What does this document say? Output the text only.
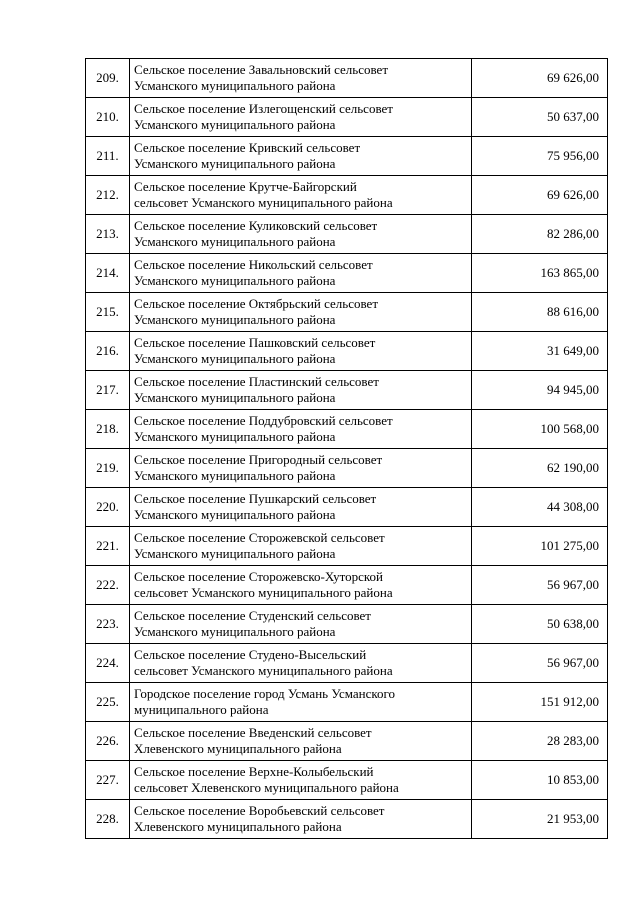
209.	Сельское поселение Завальновский сельсовет
Усманского муниципального района	69 626,00
210.	Сельское поселение Излегощенский сельсовет
Усманского муниципального района	50 637,00
211.	Сельское поселение Кривский сельсовет
Усманского муниципального района	75 956,00
212.	Сельское поселение Крутче-Байгорский
сельсовет Усманского муниципального района	69 626,00
213.	Сельское поселение Куликовский сельсовет
Усманского муниципального района	82 286,00
214.	Сельское поселение Никольский сельсовет
Усманского муниципального района	163 865,00
215.	Сельское поселение Октябрьский сельсовет
Усманского муниципального района	88 616,00
216.	Сельское поселение Пашковский сельсовет
Усманского муниципального района	31 649,00
217.	Сельское поселение Пластинский сельсовет
Усманского муниципального района	94 945,00
218.	Сельское поселение Поддубровский сельсовет
Усманского муниципального района	100 568,00
219.	Сельское поселение Пригородный сельсовет
Усманского муниципального района	62 190,00
220.	Сельское поселение Пушкарский сельсовет
Усманского муниципального района	44 308,00
221.	Сельское поселение Сторожевской сельсовет
Усманского муниципального района	101 275,00
222.	Сельское поселение Сторожевско-Хуторской
сельсовет Усманского муниципального района	56 967,00
223.	Сельское поселение Студенский сельсовет
Усманского муниципального района	50 638,00
224.	Сельское поселение Студено-Высельский
сельсовет Усманского муниципального района	56 967,00
225.	Городское поселение город Усмань Усманского
муниципального района	151 912,00
226.	Сельское поселение Введенский сельсовет
Хлевенского муниципального района	28 283,00
227.	Сельское поселение Верхне-Колыбельский
сельсовет Хлевенского муниципального района	10 853,00
228.	Сельское поселение Воробьевский сельсовет
Хлевенского муниципального района	21 953,00
